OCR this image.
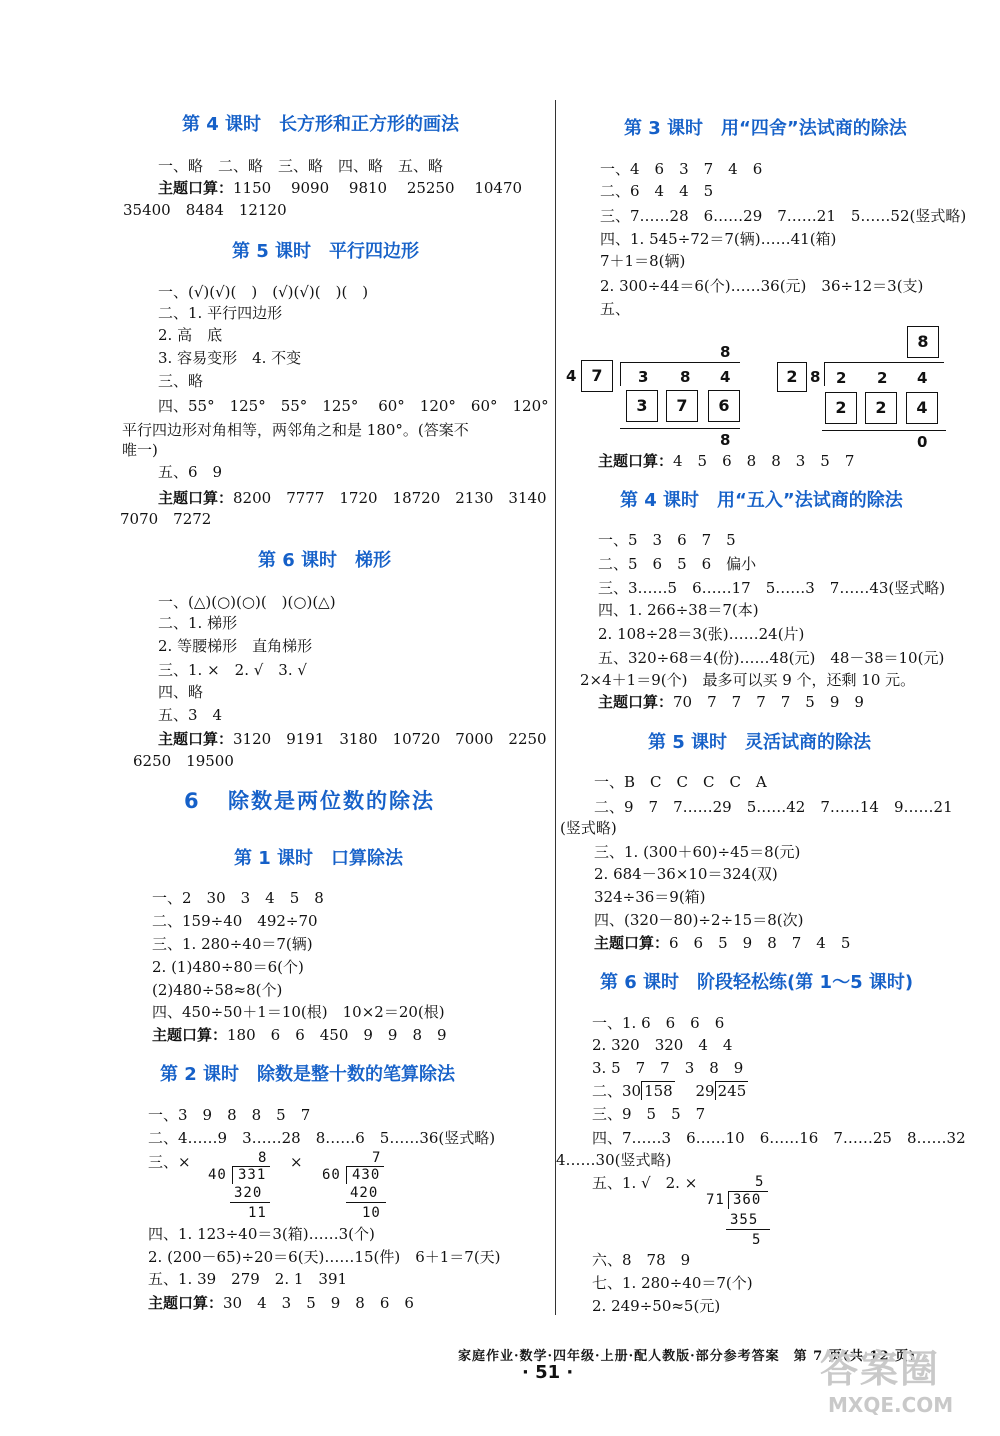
第 4 课时　长方形和正方形的画法
一、略　二、略　三、略　四、略　五、略
主题口算：1150　 9090　 9810　 25250　 10470
35400　8484　12120
第 5 课时　平行四边形
一、(√)(√)(　)　(√)(√)(　)(　)
二、1. 平行四边形
2. 高　底
3. 容易变形　4. 不变
三、略
四、55°　125°　55°　125°　 60°　120°　60°　120°
平行四边形对角相等，两邻角之和是 180°。(答案不
唯一)
五、6　9
主题口算：8200　7777　1720　18720　2130　3140
7070　7272
第 6 课时　梯形
一、(△)(○)(○)(　)(○)(△)
二、1. 梯形
2. 等腰梯形　直角梯形
三、1. ×　2. √　3. √
四、略
五、3　4
主题口算：3120　9191　3180　10720　7000　2250
6250　19500
6 除数是两位数的除法
第 1 课时　口算除法
一、2　30　3　4　5　8
二、159÷40　492÷70
三、1. 280÷40＝7(辆)
2. (1)480÷80＝6(个)
(2)480÷58≈8(个)
四、450÷50＋1＝10(根)　10×2＝20(根)
主题口算：180　6　6　450　9　9　8　9
第 2 课时　除数是整十数的笔算除法
一、3　9　8　8　5　7
二、4……9　3……28　8……6　5……36(竖式略)
三、×	×
8
40 331
320
11
7
60 430
420
10
四、1. 123÷40＝3(箱)……3(个)
2. (200－65)÷20＝6(天)……15(件)　6＋1＝7(天)
五、1. 39　279　2. 1　391
主题口算：30　4　3　5　9　8　6　6
第 3 课时　用“四舍”法试商的除法
一、4　6　3　7　4　6
二、6　4　4　5
三、7……28　6……29　7……21　5……52(竖式略)
四、1. 545÷72＝7(辆)……41(箱)
7＋1＝8(辆)
2. 300÷44＝6(个)……36(元)　36÷12＝3(支)
五、
8
4 7	3 8 4
3	7	6
8
8
2 8 2 2 4
2	2	4
0
主题口算：4　5　6　8　8　3　5　7
第 4 课时　用“五入”法试商的除法
一、5　3　6　7　5
二、5　6　5　6　偏小
三、3……5　6……17　5……3　7……43(竖式略)
四、1. 266÷38＝7(本)
2. 108÷28＝3(张)……24(片)
五、320÷68＝4(份)……48(元)　48－38＝10(元)
2×4＋1＝9(个)　最多可以买 9 个，还剩 10 元。
主题口算：70　7　7　7　7　5　9　9
第 5 课时　灵活试商的除法
一、B　C　C　C　C　A
二、9　7　7……29　5……42　7……14　9……21
(竖式略)
三、1. (300＋60)÷45＝8(元)
2. 684－36×10＝324(双)
324÷36＝9(箱)
四、(320－80)÷2÷15＝8(次)
主题口算：6　6　5　9　8　7　4　5
第 6 课时　阶段轻松练(第 1～5 课时)
一、1. 6　6　6　6
2. 320　320　4　4
3. 5　7　7　3　8　9
二、30 158 29 245
三、9　5　5　7
四、7……3　6……10　6……16　7……25　8……32
4……30(竖式略)
五、1. √　2. ×	5
71 360
355
5
六、8　78　9
七、1. 280÷40＝7(个)
2. 249÷50≈5(元)
家庭作业·数学·四年级·上册·配人教版·部分参考答案　第 7 页(共 12 页)
· 51 ·	答案圈
MXQE.COM
